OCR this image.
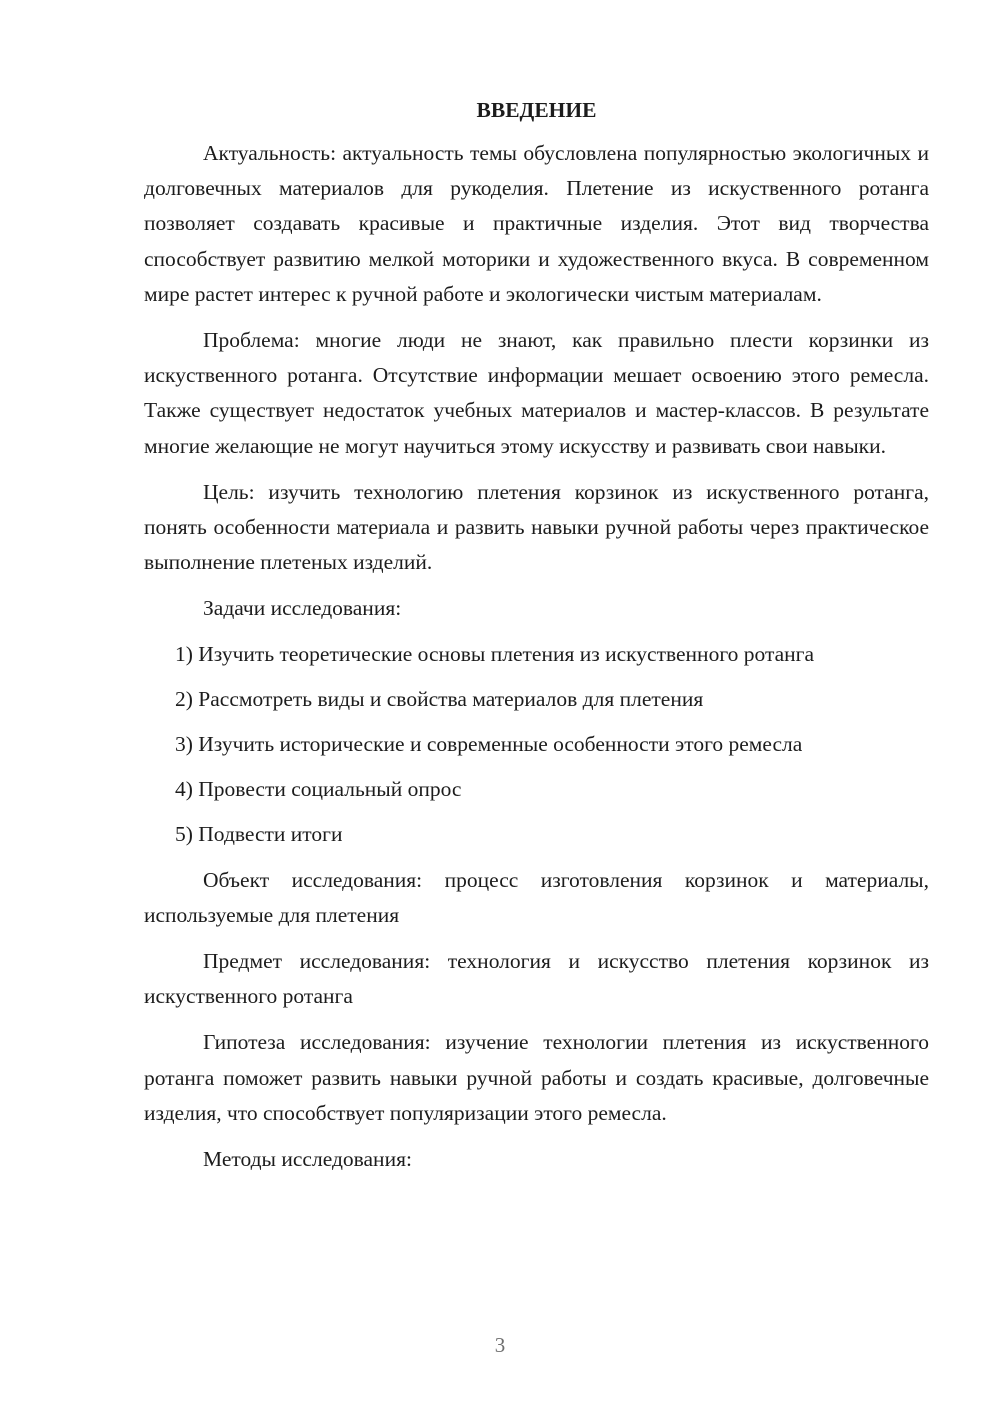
ВВЕДЕНИЕ

Актуальность: актуальность темы обусловлена популярностью экологичных и долговечных материалов для рукоделия. Плетение из искуственного ротанга позволяет создавать красивые и практичные изделия. Этот вид творчества способствует развитию мелкой моторики и художественного вкуса. В современном мире растет интерес к ручной работе и экологически чистым материалам.

Проблема: многие люди не знают, как правильно плести корзинки из искуственного ротанга. Отсутствие информации мешает освоению этого ремесла. Также существует недостаток учебных материалов и мастер-классов. В результате многие желающие не могут научиться этому искусству и развивать свои навыки.

Цель: изучить технологию плетения корзинок из искуственного ротанга, понять особенности материала и развить навыки ручной работы через практическое выполнение плетеных изделий.

Задачи исследования:
1) Изучить теоретические основы плетения из искуственного ротанга
2) Рассмотреть виды и свойства материалов для плетения
3) Изучить исторические и современные особенности этого ремесла
4) Провести социальный опрос
5) Подвести итоги

Объект исследования: процесс изготовления корзинок и материалы, используемые для плетения

Предмет исследования: технология и искусство плетения корзинок из искуственного ротанга

Гипотеза исследования: изучение технологии плетения из искуственного ротанга поможет развить навыки ручной работы и создать красивые, долговечные изделия, что способствует популяризации этого ремесла.

Методы исследования:
3
